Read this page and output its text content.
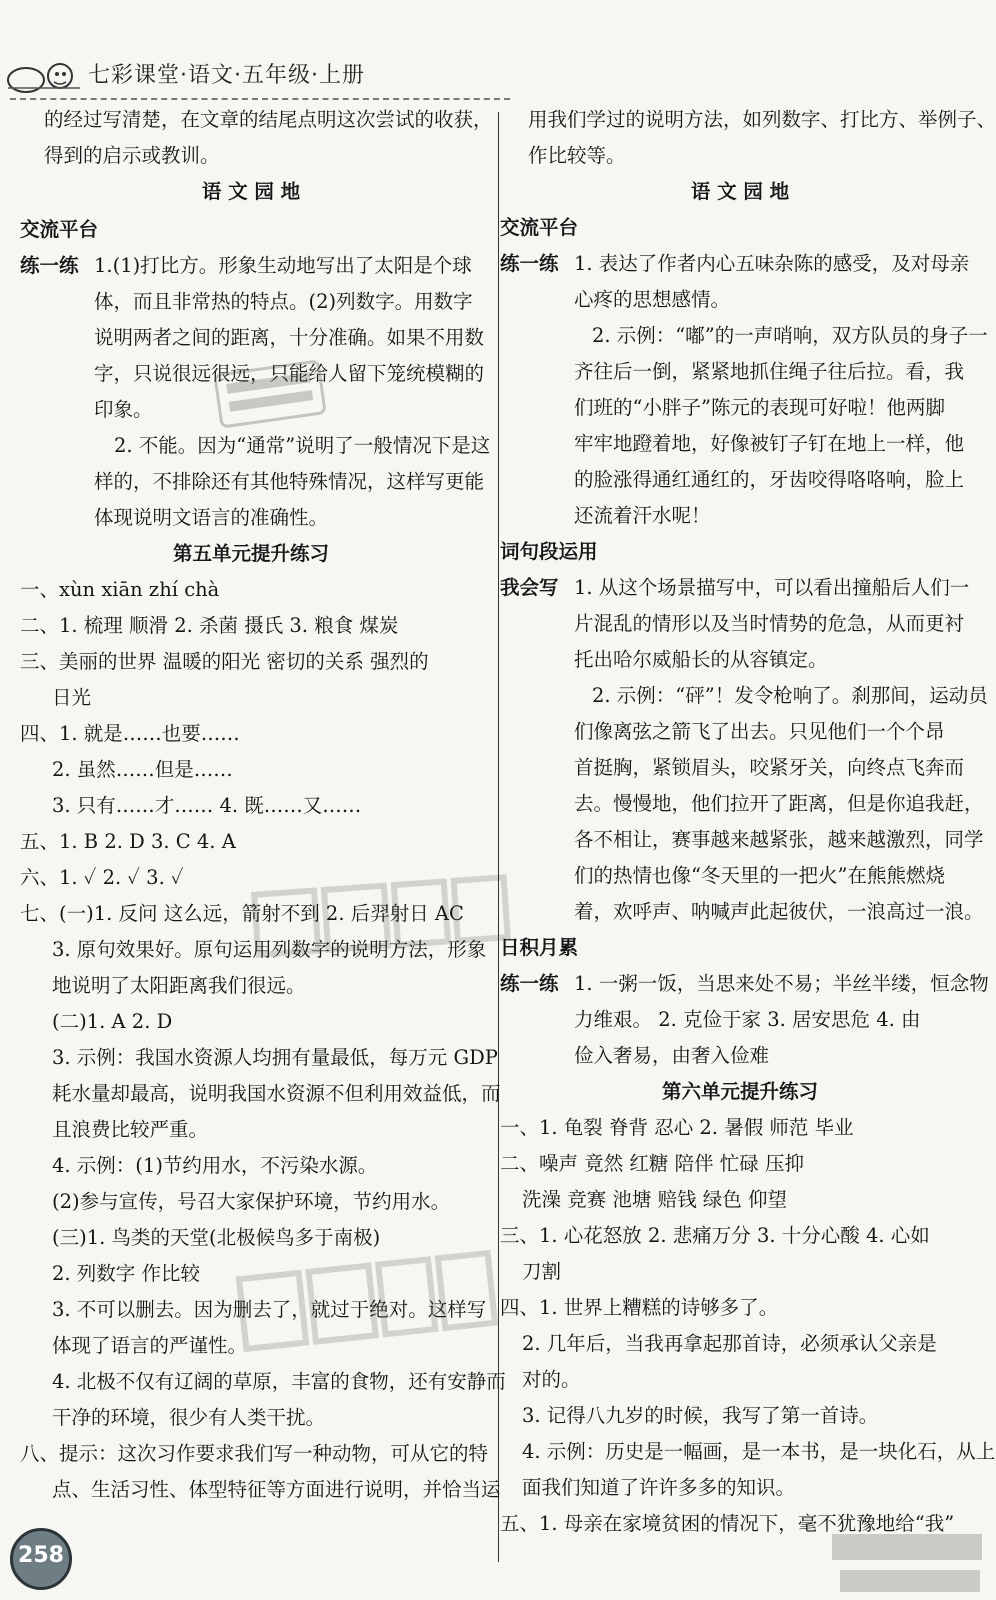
七彩课堂·语文·五年级·上册
的经过写清楚，在文章的结尾点明这次尝试的收获，
得到的启示或教训。
语 文 园 地
交流平台
练一练 1.(1)打比方。形象生动地写出了太阳是个球
体，而且非常热的特点。(2)列数字。用数字
说明两者之间的距离，十分准确。如果不用数
字，只说很远很远，只能给人留下笼统模糊的
印象。
2. 不能。因为“通常”说明了一般情况下是这
样的，不排除还有其他特殊情况，这样写更能
体现说明文语言的准确性。
第五单元提升练习
一、xùn xiān zhí chà
二、1. 梳理 顺滑 2. 杀菌 摄氏 3. 粮食 煤炭
三、美丽的世界 温暖的阳光 密切的关系 强烈的
日光
四、1. 就是……也要……
2. 虽然……但是……
3. 只有……才…… 4. 既……又……
五、1. B 2. D 3. C 4. A
六、1. ✓ 2. ✓ 3. ✓
七、(一)1. 反问 这么远，箭射不到 2. 后羿射日 AC
3. 原句效果好。原句运用列数字的说明方法，形象
地说明了太阳距离我们很远。
(二)1. A 2. D
3. 示例：我国水资源人均拥有量最低，每万元 GDP
耗水量却最高，说明我国水资源不但利用效益低，而
且浪费比较严重。
4. 示例：(1)节约用水，不污染水源。
(2)参与宣传，号召大家保护环境，节约用水。
(三)1. 鸟类的天堂(北极候鸟多于南极)
2. 列数字 作比较
3. 不可以删去。因为删去了，就过于绝对。这样写
体现了语言的严谨性。
4. 北极不仅有辽阔的草原，丰富的食物，还有安静而
干净的环境，很少有人类干扰。
八、提示：这次习作要求我们写一种动物，可从它的特
点、生活习性、体型特征等方面进行说明，并恰当运
用我们学过的说明方法，如列数字、打比方、举例子、
作比较等。
语 文 园 地
交流平台
练一练 1. 表达了作者内心五味杂陈的感受，及对母亲
心疼的思想感情。
2. 示例：“嘟”的一声哨响，双方队员的身子一
齐往后一倒，紧紧地抓住绳子往后拉。看，我
们班的“小胖子”陈元的表现可好啦！他两脚
牢牢地蹬着地，好像被钉子钉在地上一样，他
的脸涨得通红通红的，牙齿咬得咯咯响，脸上
还流着汗水呢！
词句段运用
我会写 1. 从这个场景描写中，可以看出撞船后人们一
片混乱的情形以及当时情势的危急，从而更衬
托出哈尔威船长的从容镇定。
2. 示例：“砰”！发令枪响了。刹那间，运动员
们像离弦之箭飞了出去。只见他们一个个昂
首挺胸，紧锁眉头，咬紧牙关，向终点飞奔而
去。慢慢地，他们拉开了距离，但是你追我赶，
各不相让，赛事越来越紧张，越来越激烈，同学
们的热情也像“冬天里的一把火”在熊熊燃烧
着，欢呼声、呐喊声此起彼伏，一浪高过一浪。
日积月累
练一练 1. 一粥一饭，当思来处不易；半丝半缕，恒念物
力维艰。 2. 克俭于家 3. 居安思危 4. 由
俭入奢易，由奢入俭难
第六单元提升练习
一、1. 龟裂 脊背 忍心 2. 暑假 师范 毕业
二、噪声 竟然 红糖 陪伴 忙碌 压抑
洗澡 竞赛 池塘 赔钱 绿色 仰望
三、1. 心花怒放 2. 悲痛万分 3. 十分心酸 4. 心如
刀割
四、1. 世界上糟糕的诗够多了。
2. 几年后，当我再拿起那首诗，必须承认父亲是
对的。
3. 记得八九岁的时候，我写了第一首诗。
4. 示例：历史是一幅画，是一本书，是一块化石，从上
面我们知道了许许多多的知识。
五、1. 母亲在家境贫困的情况下，毫不犹豫地给“我”
258
